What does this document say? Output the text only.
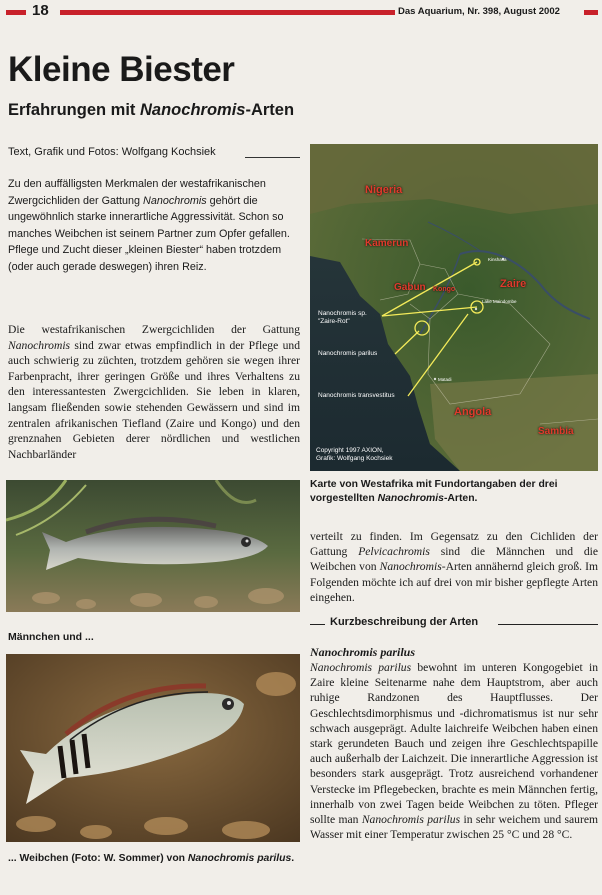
18	Das Aquarium, Nr. 398, August 2002
Kleine Biester
Erfahrungen mit Nanochromis-Arten
Text, Grafik und Fotos: Wolfgang Kochsiek
Zu den auffälligsten Merkmalen der westafrikanischen Zwergcichliden der Gattung Nanochromis gehört die ungewöhnlich starke innerartliche Aggressivität. Schon so manches Weibchen ist seinem Partner zum Opfer gefallen. Pflege und Zucht dieser „kleinen Biester“ haben trotzdem (oder auch gerade deswegen) ihren Reiz.
Die westafrikanischen Zwergcichliden der Gattung Nanochromis sind zwar etwas empfindlich in der Pflege und auch schwierig zu züchten, trotzdem gehören sie wegen ihrer Farbenpracht, ihrer geringen Größe und ihres Verhaltens zu den interessantesten Zwergcichliden. Sie leben in klaren, langsam fließenden sowie stehenden Gewässern und sind im zentralen afrikanischen Tiefland (Zaire und Kongo) und den grenznahen Gebieten derer nördlichen und westlichen Nachbarländer
Nigeria
Kamerun
Gabun Kongo	Zaire
Angola
Sambia
Kinshasa
Lake Maindombe
Matadi
Nanochromis sp.
"Zaire-Rot"
Nanochromis parilus
Nanochromis transvestitus
Copyright 1997 AXION,
Grafik: Wolfgang Kochsiek
Karte von Westafrika mit Fundortangaben der drei vorgestellten Nanochromis-Arten.
verteilt zu finden. Im Gegensatz zu den Cichliden der Gattung Pelvicachromis sind die Männchen und die Weibchen von Nanochromis-Arten annähernd gleich groß. Im Folgenden möchte ich auf drei von mir bisher gepflegte Arten eingehen.
Kurzbeschreibung der Arten
Nanochromis parilus
Nanochromis parilus bewohnt im unteren Kongogebiet in Zaire kleine Seitenarme nahe dem Hauptstrom, aber auch ruhige Randzonen des Hauptflusses. Der Geschlechtsdimorphismus und -dichromatismus ist nur sehr schwach ausgeprägt. Adulte laichreife Weibchen haben einen stark gerundeten Bauch und zeigen ihre Geschlechtspapille auch außerhalb der Laichzeit. Die innerartliche Aggression ist besonders stark ausgeprägt. Trotz ausreichend vorhandener Verstecke im Pflegebecken, brachte es mein Männchen fertig, innerhalb von zwei Tagen beide Weibchen zu töten. Pfleger sollte man Nanochromis parilus in sehr weichem und saurem Wasser mit einer Temperatur zwischen 25 °C und 28 °C.
Männchen und ...
... Weibchen (Foto: W. Sommer) von Nanochromis parilus.
